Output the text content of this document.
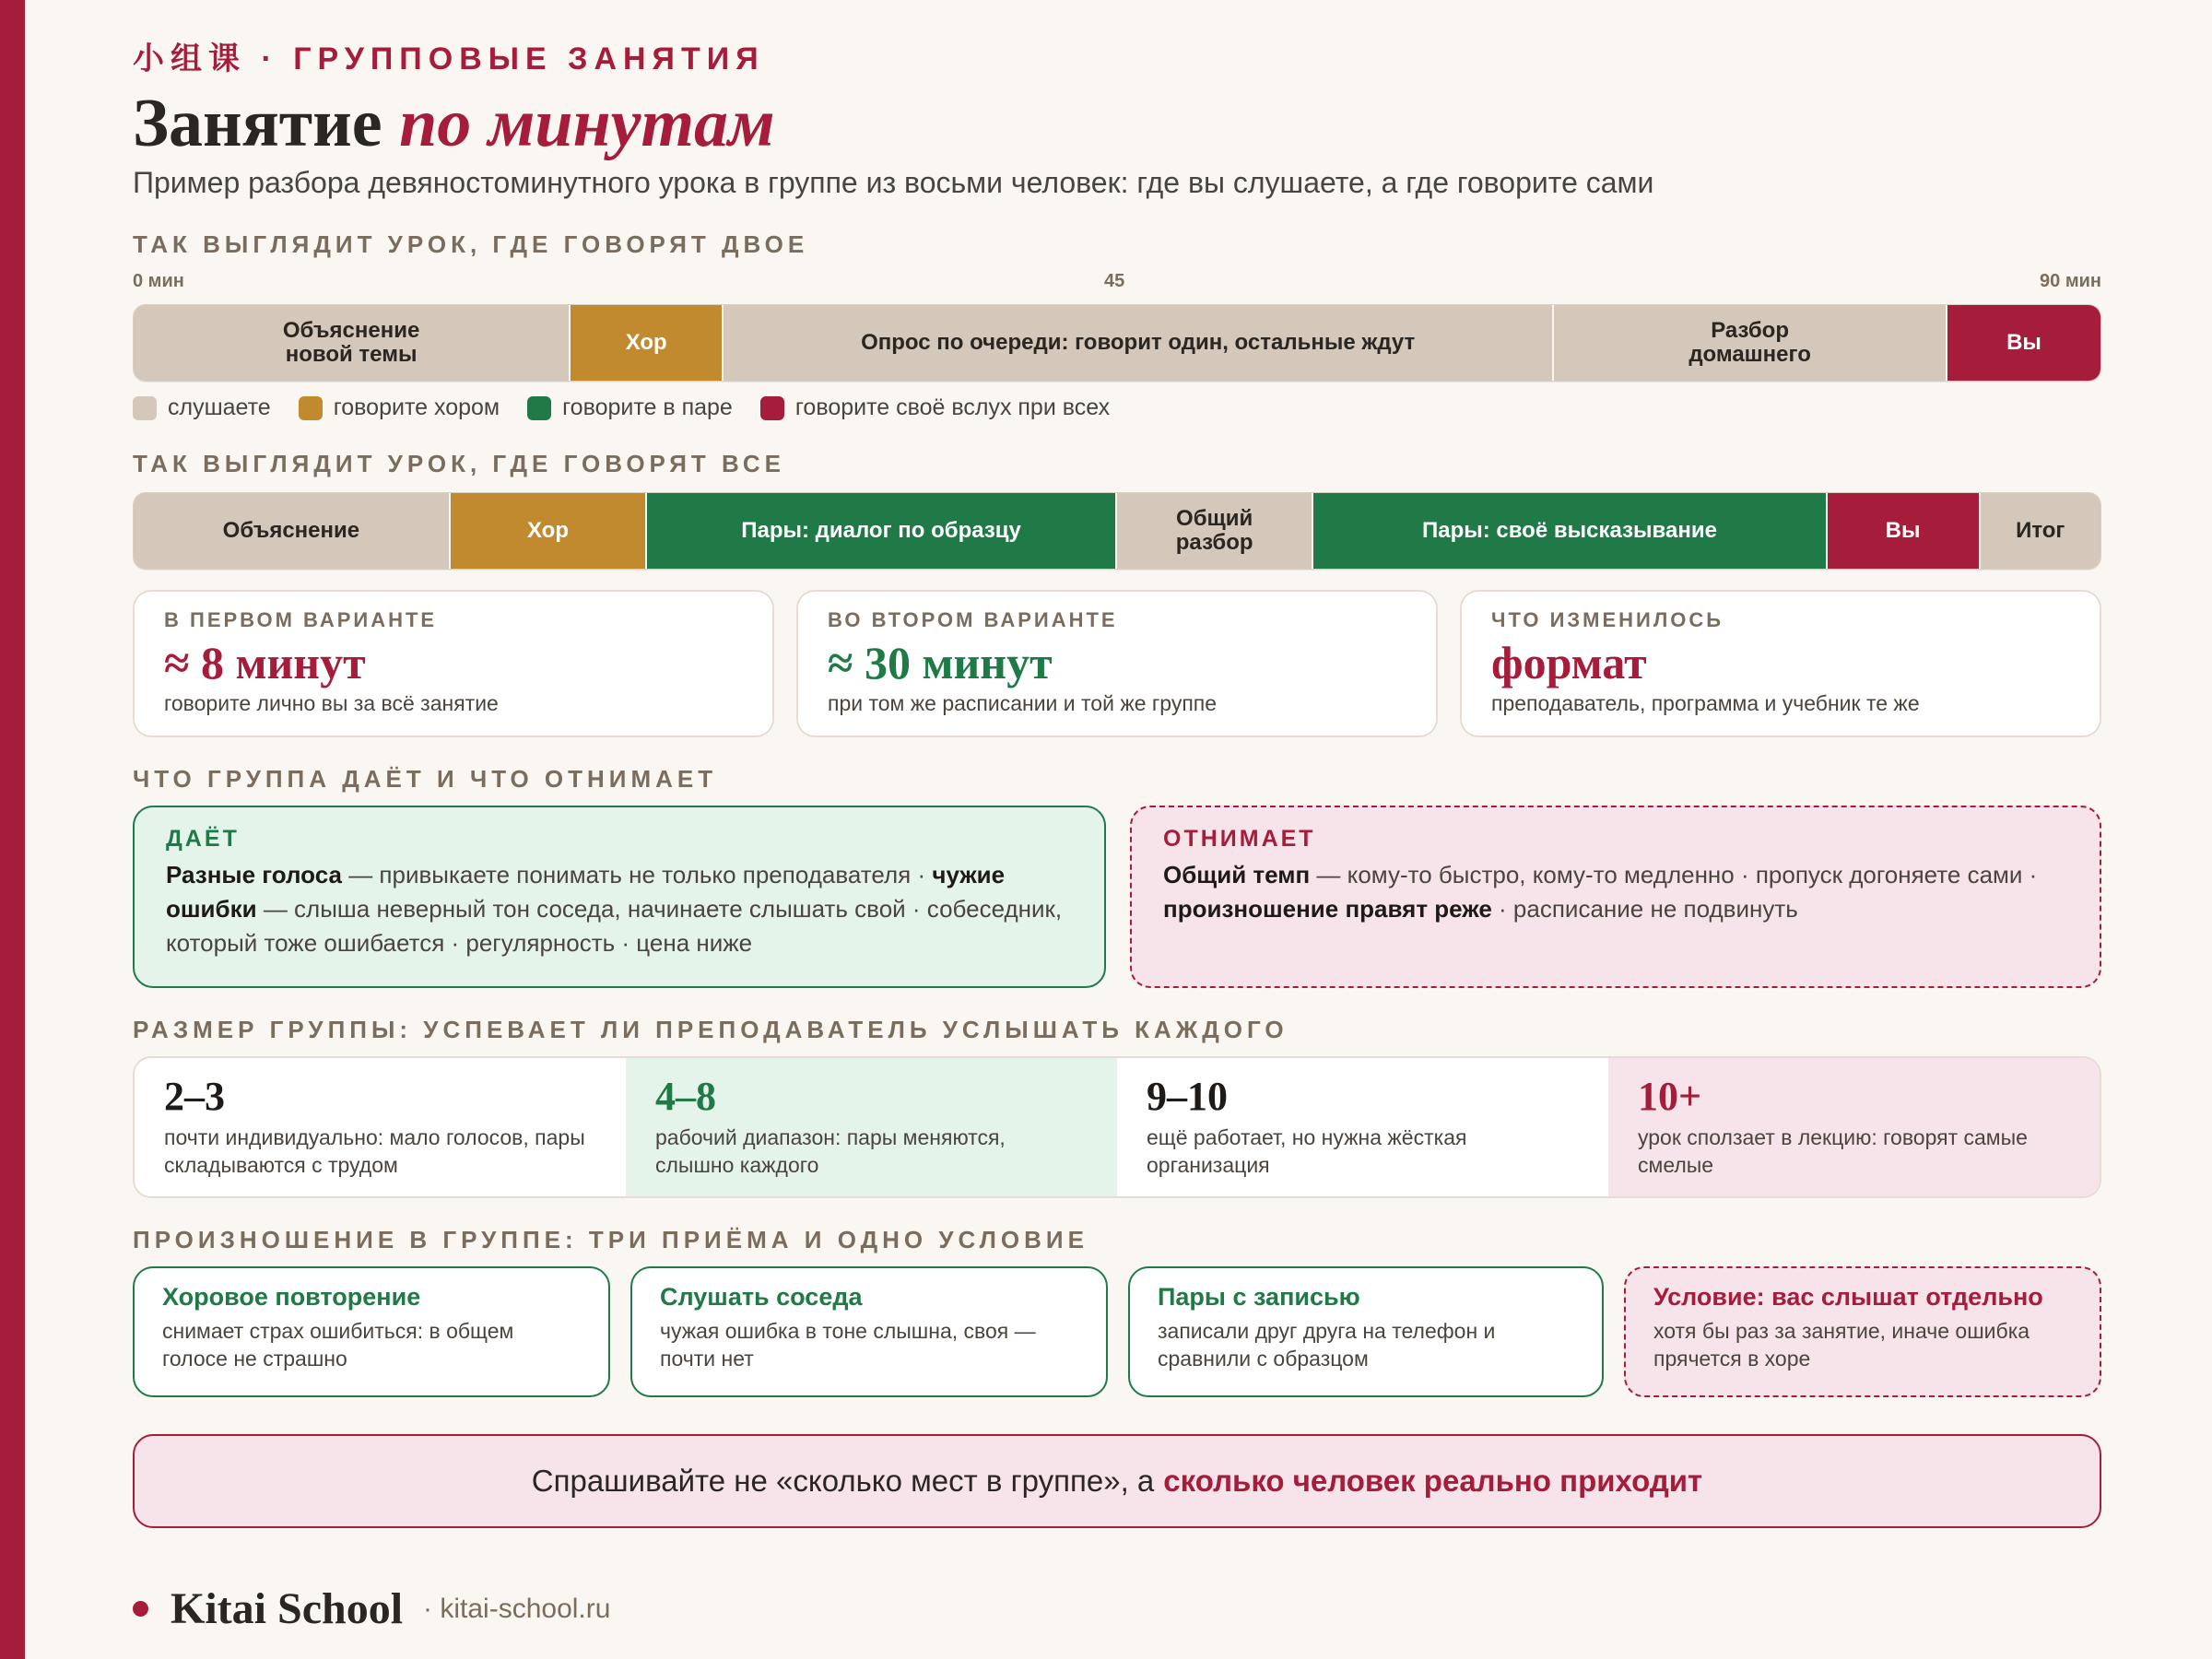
小组课 · ГРУППОВЫЕ ЗАНЯТИЯ
Занятие по минутам
Пример разбора девяностоминутного урока в группе из восьми человек: где вы слушаете, а где говорите сами
ТАК ВЫГЛЯДИТ УРОК, ГДЕ ГОВОРЯТ ДВОЕ
0 мин	45	90 мин
Объяснение
новой темы	Хор	Опрос по очереди: говорит один, остальные ждут	Разбор
домашнего	Вы
слушаете	говорите хором	говорите в паре	говорите своё вслух при всех
ТАК ВЫГЛЯДИТ УРОК, ГДЕ ГОВОРЯТ ВСЕ
Объяснение	Хор	Пары: диалог по образцу	Общий
разбор	Пары: своё высказывание	Вы	Итог
В ПЕРВОМ ВАРИАНТЕ
≈ 8 минут
говорите лично вы за всё занятие
ВО ВТОРОМ ВАРИАНТЕ
≈ 30 минут
при том же расписании и той же группе
ЧТО ИЗМЕНИЛОСЬ
формат
преподаватель, программа и учебник те же
ЧТО ГРУППА ДАЁТ И ЧТО ОТНИМАЕТ
ДАЁТ
Разные голоса — привыкаете понимать не только преподавателя · чужие ошибки — слыша неверный тон соседа, начинаете слышать свой · собеседник, который тоже ошибается · регулярность · цена ниже
ОТНИМАЕТ
Общий темп — кому-то быстро, кому-то медленно · пропуск догоняете сами · произношение правят реже · расписание не подвинуть
РАЗМЕР ГРУППЫ: УСПЕВАЕТ ЛИ ПРЕПОДАВАТЕЛЬ УСЛЫШАТЬ КАЖДОГО
2–3
почти индивидуально: мало голосов, пары складываются с трудом
4–8
рабочий диапазон: пары меняются, слышно каждого
9–10
ещё работает, но нужна жёсткая организация
10+
урок сползает в лекцию: говорят самые смелые
ПРОИЗНОШЕНИЕ В ГРУППЕ: ТРИ ПРИЁМА И ОДНО УСЛОВИЕ
Хоровое повторение
снимает страх ошибиться: в общем голосе не страшно
Слушать соседа
чужая ошибка в тоне слышна, своя — почти нет
Пары с записью
записали друг друга на телефон и сравнили с образцом
Условие: вас слышат отдельно
хотя бы раз за занятие, иначе ошибка прячется в хоре
Спрашивайте не «сколько мест в группе», а сколько человек реально приходит
Kitai School · kitai-school.ru
